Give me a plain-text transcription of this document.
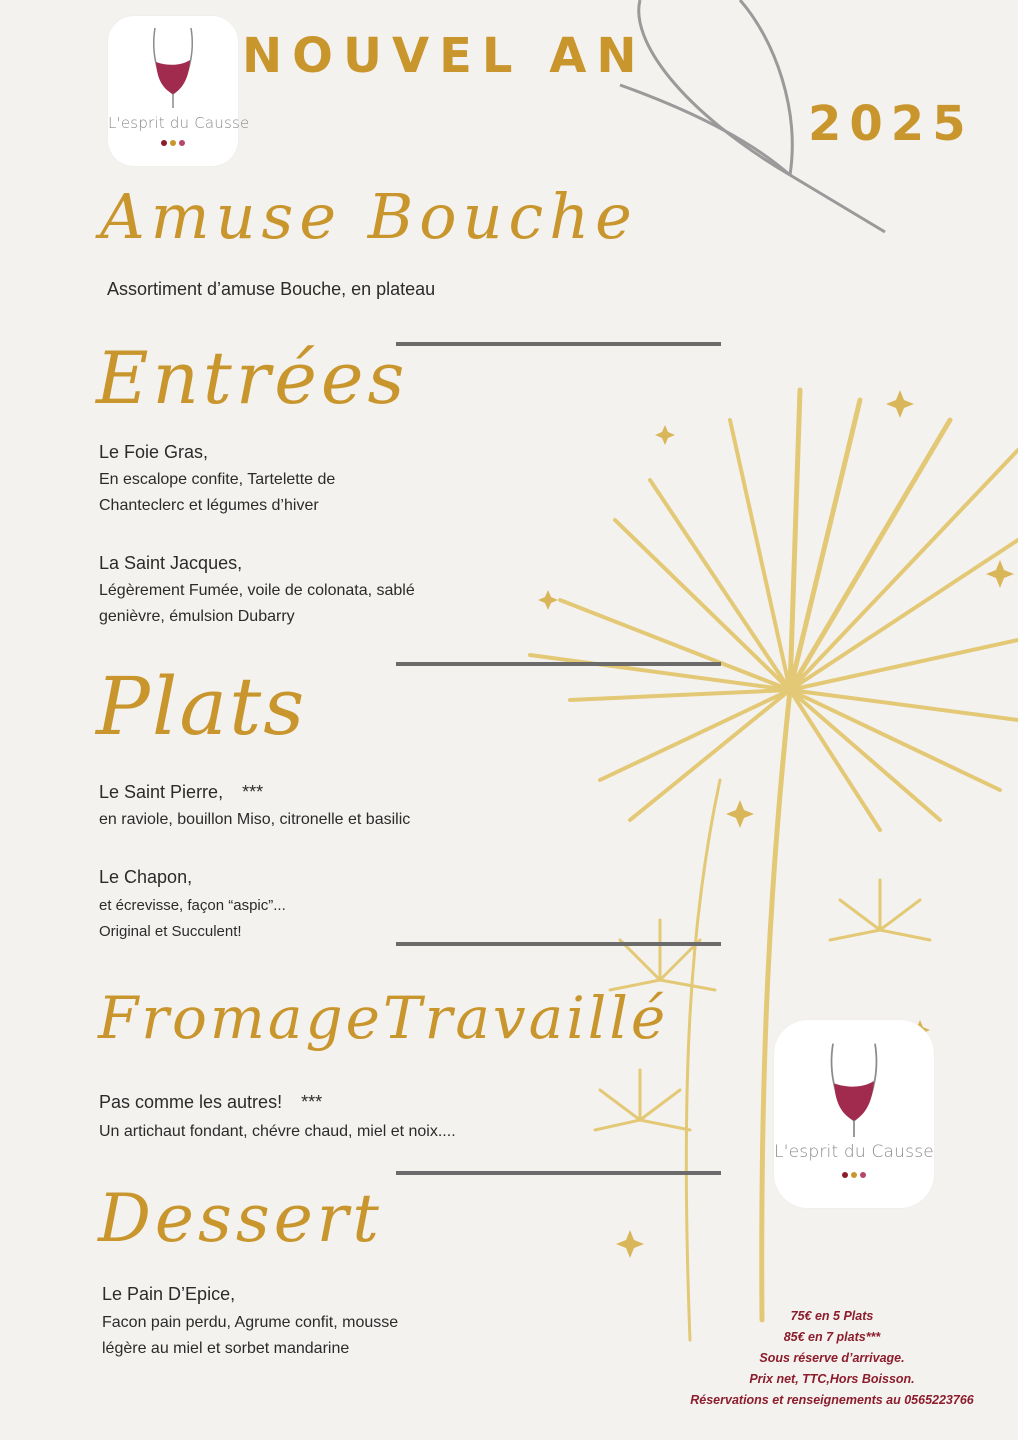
L'esprit du Causse
NOUVEL AN
2025
Amuse Bouche
Assortiment d’amuse Bouche, en plateau
Entrées
Le Foie Gras,
En escalope confite, Tartelette de
Chanteclerc et légumes d’hiver
La Saint Jacques,
Légèrement Fumée, voile de colonata, sablé
genièvre, émulsion Dubarry
Plats
Le Saint Pierre, ***
en raviole, bouillon Miso, citronelle et basilic
Le Chapon,
et écrevisse, façon “aspic”...
Original et Succulent!
FromageTravaillé
Pas comme les autres! ***
Un artichaut fondant, chévre chaud, miel et noix....
Dessert
Le Pain D’Epice,
Facon pain perdu, Agrume confit, mousse
légère au miel et sorbet mandarine
L'esprit du Causse
75€ en 5 Plats
85€ en 7 plats***
Sous réserve d’arrivage.
Prix net, TTC,Hors Boisson.
Réservations et renseignements au 0565223766
